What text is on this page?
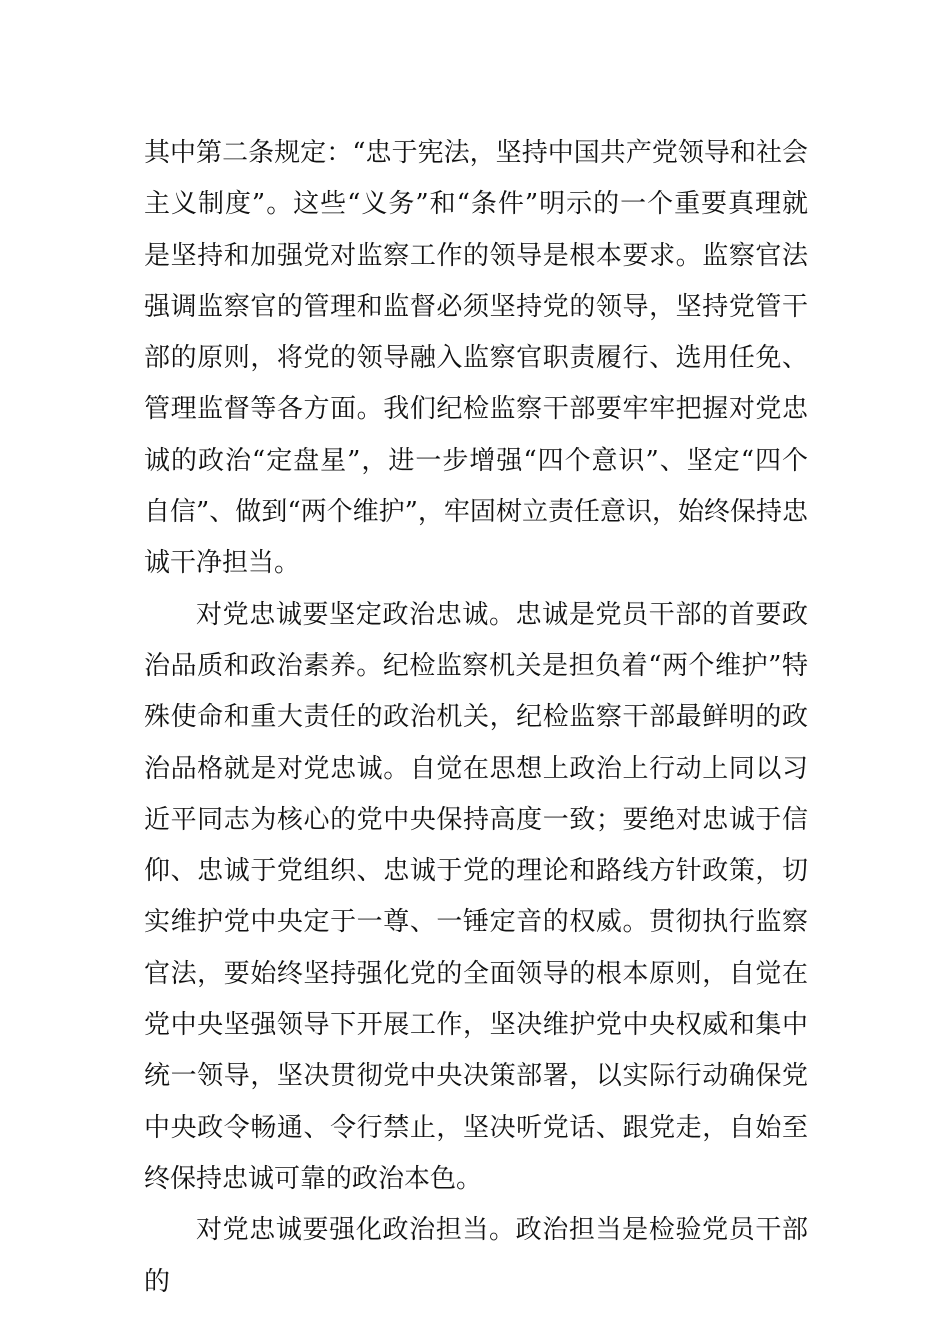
其中第二条规定：“忠于宪法，坚持中国共产党领导和社会主义制度”。这些“义务”和“条件”明示的一个重要真理就是坚持和加强党对监察工作的领导是根本要求。监察官法强调监察官的管理和监督必须坚持党的领导，坚持党管干部的原则，将党的领导融入监察官职责履行、选用任免、管理监督等各方面。我们纪检监察干部要牢牢把握对党忠诚的政治“定盘星”，进一步增强“四个意识”、坚定“四个自信”、做到“两个维护”，牢固树立责任意识，始终保持忠诚干净担当。

对党忠诚要坚定政治忠诚。忠诚是党员干部的首要政治品质和政治素养。纪检监察机关是担负着“两个维护”特殊使命和重大责任的政治机关，纪检监察干部最鲜明的政治品格就是对党忠诚。自觉在思想上政治上行动上同以习近平同志为核心的党中央保持高度一致；要绝对忠诚于信仰、忠诚于党组织、忠诚于党的理论和路线方针政策，切实维护党中央定于一尊、一锤定音的权威。贯彻执行监察官法，要始终坚持强化党的全面领导的根本原则，自觉在党中央坚强领导下开展工作，坚决维护党中央权威和集中统一领导，坚决贯彻党中央决策部署，以实际行动确保党中央政令畅通、令行禁止，坚决听党话、跟党走，自始至终保持忠诚可靠的政治本色。

对党忠诚要强化政治担当。政治担当是检验党员干部的
